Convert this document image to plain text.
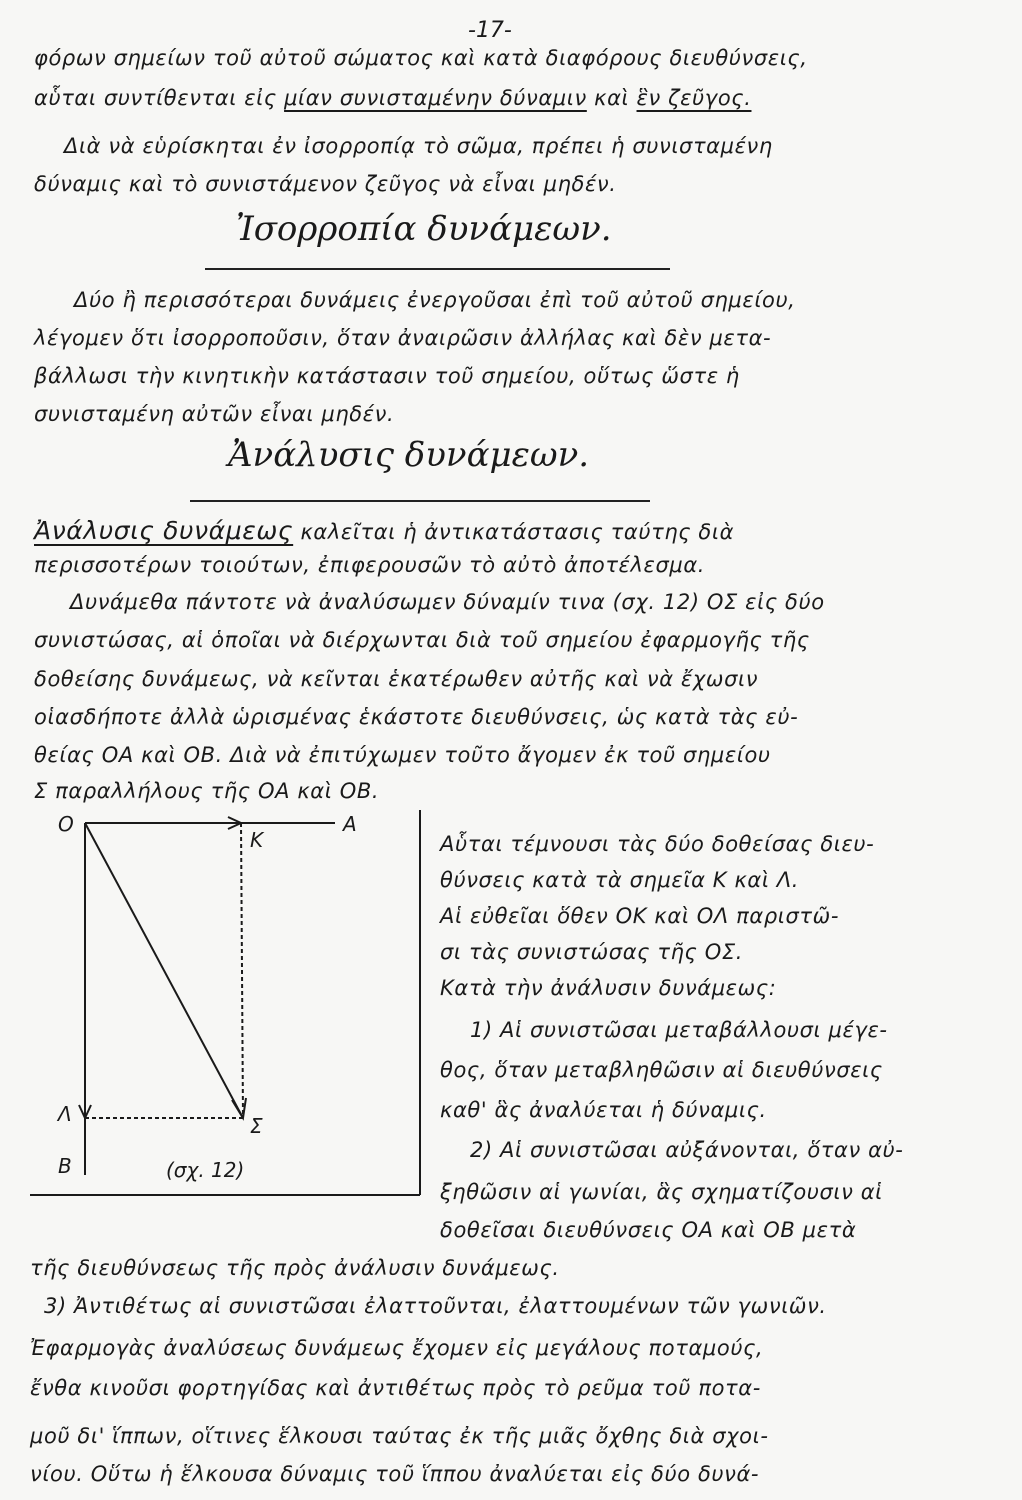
-17-
φόρων σημείων τοῦ αὐτοῦ σώματος καὶ κατὰ διαφόρους διευθύνσεις,
αὗται συντίθενται εἰς μίαν συνισταμένην δύναμιν καὶ ἓν ζεῦγος.
Διὰ νὰ εὑρίσκηται ἐν ἰσορροπίᾳ τὸ σῶμα, πρέπει ἡ συνισταμένη
δύναμις καὶ τὸ συνιστάμενον ζεῦγος νὰ εἶναι μηδέν.
Ἰσορροπία δυνάμεων.
Δύο ἢ περισσότεραι δυνάμεις ἐνεργοῦσαι ἐπὶ τοῦ αὐτοῦ σημείου,
λέγομεν ὅτι ἰσορροποῦσιν, ὅταν ἀναιρῶσιν ἀλλήλας καὶ δὲν μετα-
βάλλωσι τὴν κινητικὴν κατάστασιν τοῦ σημείου, οὕτως ὥστε ἡ
συνισταμένη αὐτῶν εἶναι μηδέν.
Ἀνάλυσις δυνάμεων.
Ἀνάλυσις δυνάμεως καλεῖται ἡ ἀντικατάστασις ταύτης διὰ
περισσοτέρων τοιούτων, ἐπιφερουσῶν τὸ αὐτὸ ἀποτέλεσμα.
Δυνάμεθα πάντοτε νὰ ἀναλύσωμεν δύναμίν τινα (σχ. 12) ΟΣ εἰς δύο
συνιστώσας, αἱ ὁποῖαι νὰ διέρχωνται διὰ τοῦ σημείου ἐφαρμογῆς τῆς
δοθείσης δυνάμεως, νὰ κεῖνται ἑκατέρωθεν αὐτῆς καὶ νὰ ἔχωσιν
οἱασδήποτε ἀλλὰ ὡρισμένας ἑκάστοτε διευθύνσεις, ὡς κατὰ τὰς εὐ-
θείας ΟΑ καὶ ΟΒ. Διὰ νὰ ἐπιτύχωμεν τοῦτο ἄγομεν ἐκ τοῦ σημείου
Σ παραλλήλους τῆς ΟΑ καὶ ΟΒ.
Αὗται τέμνουσι τὰς δύο δοθείσας διευ-
θύνσεις κατὰ τὰ σημεῖα Κ καὶ Λ.
Αἱ εὐθεῖαι ὅθεν ΟΚ καὶ ΟΛ παριστῶ-
σι τὰς συνιστώσας τῆς ΟΣ.
Κατὰ τὴν ἀνάλυσιν δυνάμεως:
1) Αἱ συνιστῶσαι μεταβάλλουσι μέγε-
θος, ὅταν μεταβληθῶσιν αἱ διευθύνσεις
καθ' ἃς ἀναλύεται ἡ δύναμις.
2) Αἱ συνιστῶσαι αὐξάνονται, ὅταν αὐ-
ξηθῶσιν αἱ γωνίαι, ἃς σχηματίζουσιν αἱ
δοθεῖσαι διευθύνσεις ΟΑ καὶ ΟΒ μετὰ
Ο
Κ
Α
Λ	Σ
Β	(σχ. 12)
τῆς διευθύνσεως τῆς πρὸς ἀνάλυσιν δυνάμεως.
3) Ἀντιθέτως αἱ συνιστῶσαι ἐλαττοῦνται, ἐλαττουμένων τῶν γωνιῶν.
Ἐφαρμογὰς ἀναλύσεως δυνάμεως ἔχομεν εἰς μεγάλους ποταμούς,
ἔνθα κινοῦσι φορτηγίδας καὶ ἀντιθέτως πρὸς τὸ ρεῦμα τοῦ ποτα-
μοῦ δι' ἵππων, οἵτινες ἕλκουσι ταύτας ἐκ τῆς μιᾶς ὄχθης διὰ σχοι-
νίου. Οὕτω ἡ ἕλκουσα δύναμις τοῦ ἵππου ἀναλύεται εἰς δύο δυνά-
